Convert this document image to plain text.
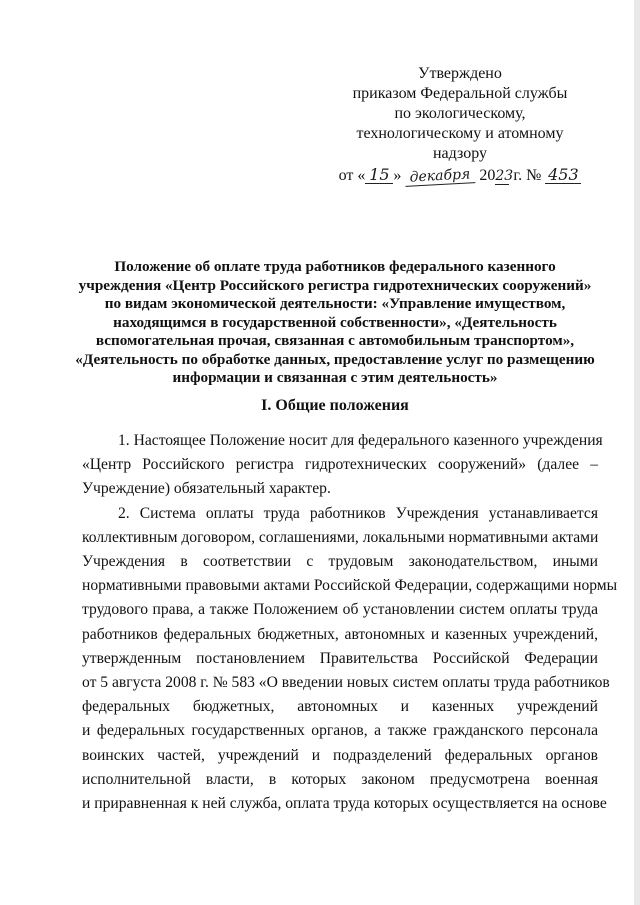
Утверждено
приказом Федеральной службы
по экологическому,
технологическому и атомному
надзору
от « 15 » декабря 2023 г. № 453
Положение об оплате труда работников федерального казенного
учреждения «Центр Российского регистра гидротехнических сооружений»
по видам экономической деятельности: «Управление имуществом,
находящимся в государственной собственности», «Деятельность
вспомогательная прочая, связанная с автомобильным транспортом»,
«Деятельность по обработке данных, предоставление услуг по размещению
информации и связанная с этим деятельность»
I. Общие положения
1. Настоящее Положение носит для федерального казенного учреждения
«Центр Российского регистра гидротехнических сооружений» (далее –
Учреждение) обязательный характер.
2. Система оплаты труда работников Учреждения устанавливается
коллективным договором, соглашениями, локальными нормативными актами
Учреждения в соответствии с трудовым законодательством, иными
нормативными правовыми актами Российской Федерации, содержащими нормы
трудового права, а также Положением об установлении систем оплаты труда
работников федеральных бюджетных, автономных и казенных учреждений,
утвержденным постановлением Правительства Российской Федерации
от 5 августа 2008 г. № 583 «О введении новых систем оплаты труда работников
федеральных бюджетных, автономных и казенных учреждений
и федеральных государственных органов, а также гражданского персонала
воинских частей, учреждений и подразделений федеральных органов
исполнительной власти, в которых законом предусмотрена военная
и приравненная к ней служба, оплата труда которых осуществляется на основе
